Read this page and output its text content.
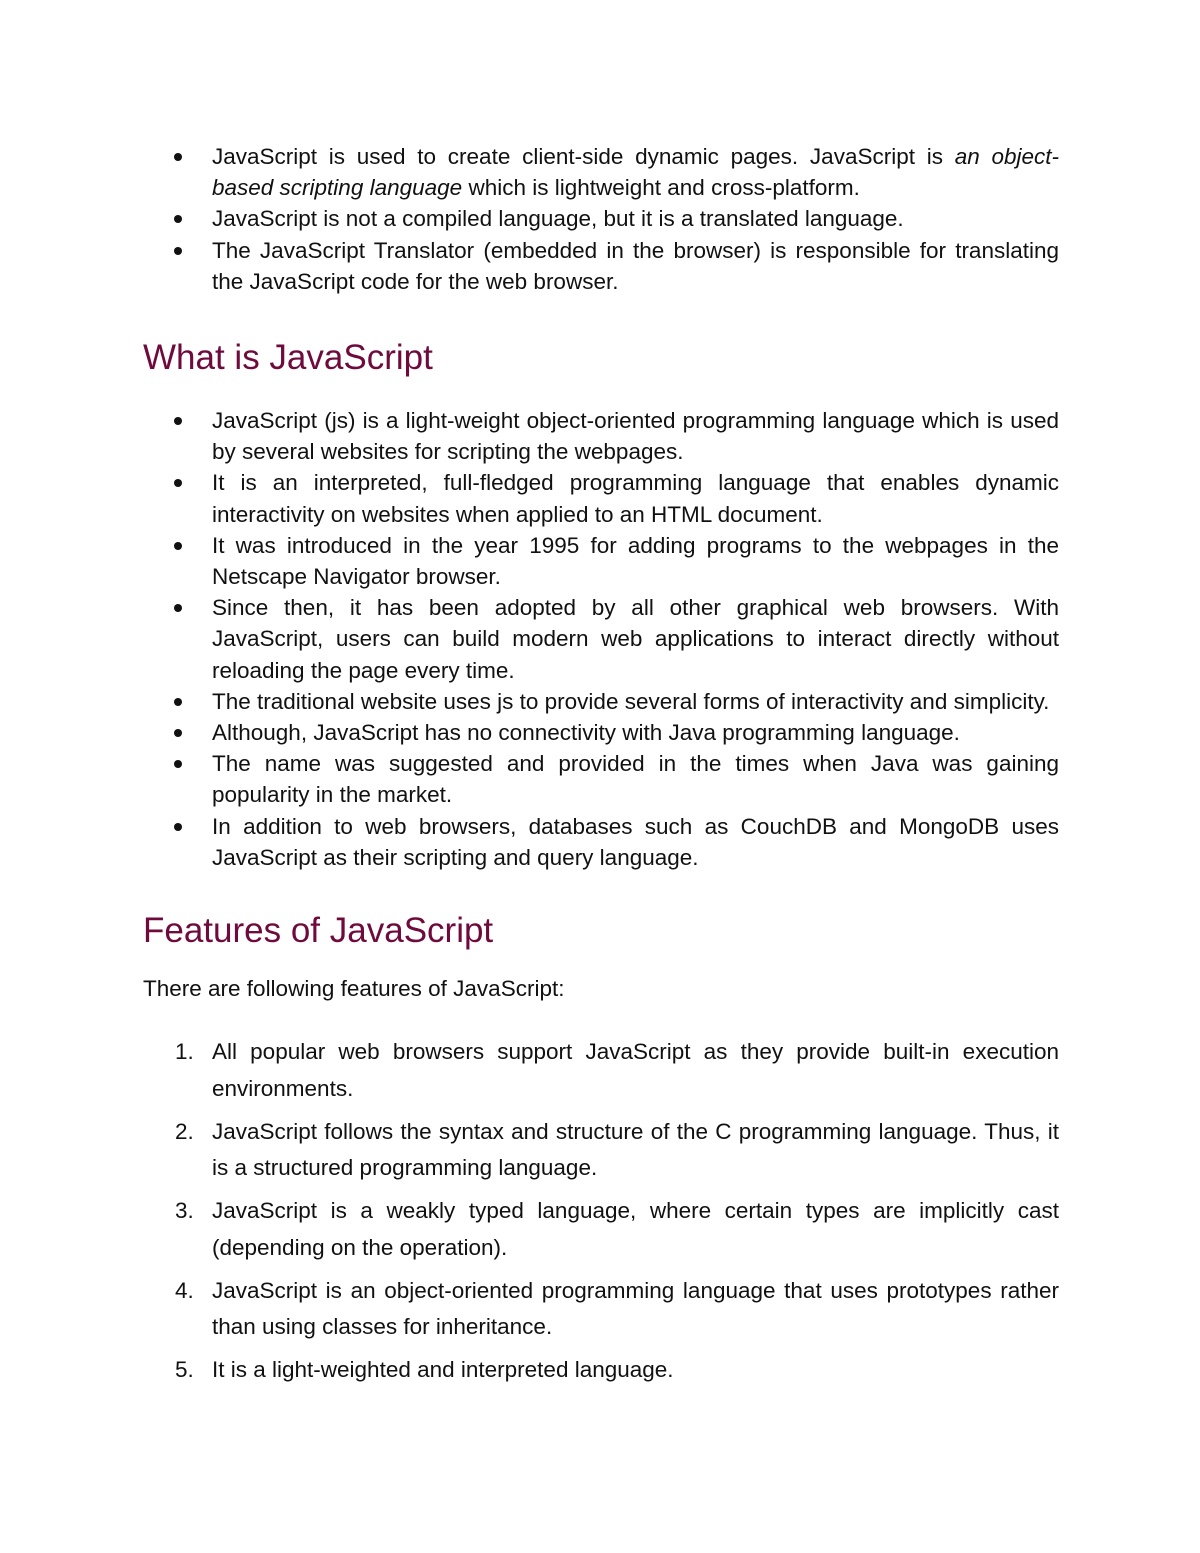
JavaScript is used to create client-side dynamic pages. JavaScript is an object-based scripting language which is lightweight and cross-platform.
JavaScript is not a compiled language, but it is a translated language.
The JavaScript Translator (embedded in the browser) is responsible for translating the JavaScript code for the web browser.
What is JavaScript
JavaScript (js) is a light-weight object-oriented programming language which is used by several websites for scripting the webpages.
It is an interpreted, full-fledged programming language that enables dynamic interactivity on websites when applied to an HTML document.
It was introduced in the year 1995 for adding programs to the webpages in the Netscape Navigator browser.
Since then, it has been adopted by all other graphical web browsers. With JavaScript, users can build modern web applications to interact directly without reloading the page every time.
The traditional website uses js to provide several forms of interactivity and simplicity.
Although, JavaScript has no connectivity with Java programming language.
The name was suggested and provided in the times when Java was gaining popularity in the market.
In addition to web browsers, databases such as CouchDB and MongoDB uses JavaScript as their scripting and query language.
Features of JavaScript

There are following features of JavaScript:

1. All popular web browsers support JavaScript as they provide built-in execution environments.
2. JavaScript follows the syntax and structure of the C programming language. Thus, it is a structured programming language.
3. JavaScript is a weakly typed language, where certain types are implicitly cast (depending on the operation).
4. JavaScript is an object-oriented programming language that uses prototypes rather than using classes for inheritance.
5. It is a light-weighted and interpreted language.
